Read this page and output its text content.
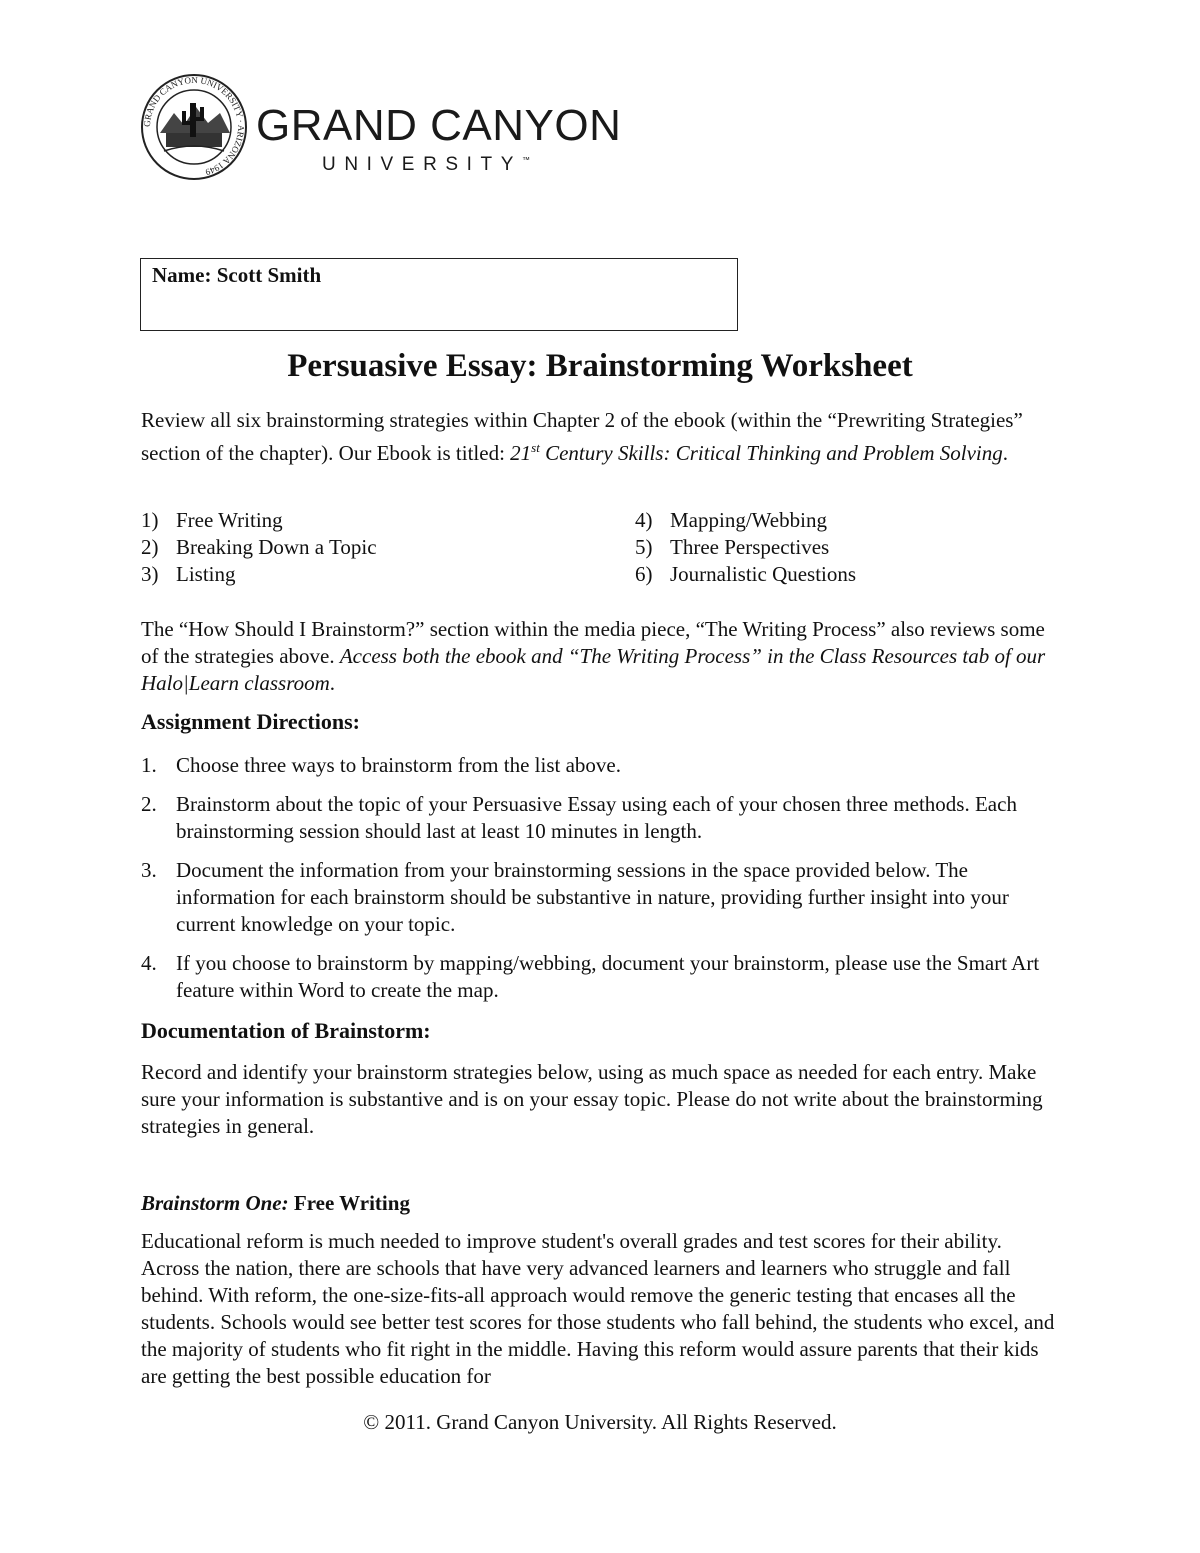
GRAND CANYON UNIVERSITY · ARIZONA 1949
GRAND CANYON
UNIVERSITY™
Name: Scott Smith
Persuasive Essay: Brainstorming Worksheet
Review all six brainstorming strategies within Chapter 2 of the ebook (within the “Prewriting Strategies” section of the chapter). Our Ebook is titled: 21st Century Skills: Critical Thinking and Problem Solving.
1) Free Writing
2) Breaking Down a Topic
3) Listing
4) Mapping/Webbing
5) Three Perspectives
6) Journalistic Questions
The “How Should I Brainstorm?” section within the media piece, “The Writing Process” also reviews some of the strategies above. Access both the ebook and “The Writing Process” in the Class Resources tab of our Halo|Learn classroom.
Assignment Directions:
1. Choose three ways to brainstorm from the list above.
2. Brainstorm about the topic of your Persuasive Essay using each of your chosen three methods. Each brainstorming session should last at least 10 minutes in length.
3. Document the information from your brainstorming sessions in the space provided below. The information for each brainstorm should be substantive in nature, providing further insight into your current knowledge on your topic.
4. If you choose to brainstorm by mapping/webbing, document your brainstorm, please use the Smart Art feature within Word to create the map.
Documentation of Brainstorm:
Record and identify your brainstorm strategies below, using as much space as needed for each entry. Make sure your information is substantive and is on your essay topic. Please do not write about the brainstorming strategies in general.
Brainstorm One: Free Writing
Educational reform is much needed to improve student's overall grades and test scores for their ability. Across the nation, there are schools that have very advanced learners and learners who struggle and fall behind. With reform, the one-size-fits-all approach would remove the generic testing that encases all the students. Schools would see better test scores for those students who fall behind, the students who excel, and the majority of students who fit right in the middle. Having this reform would assure parents that their kids are getting the best possible education for
© 2011. Grand Canyon University. All Rights Reserved.
